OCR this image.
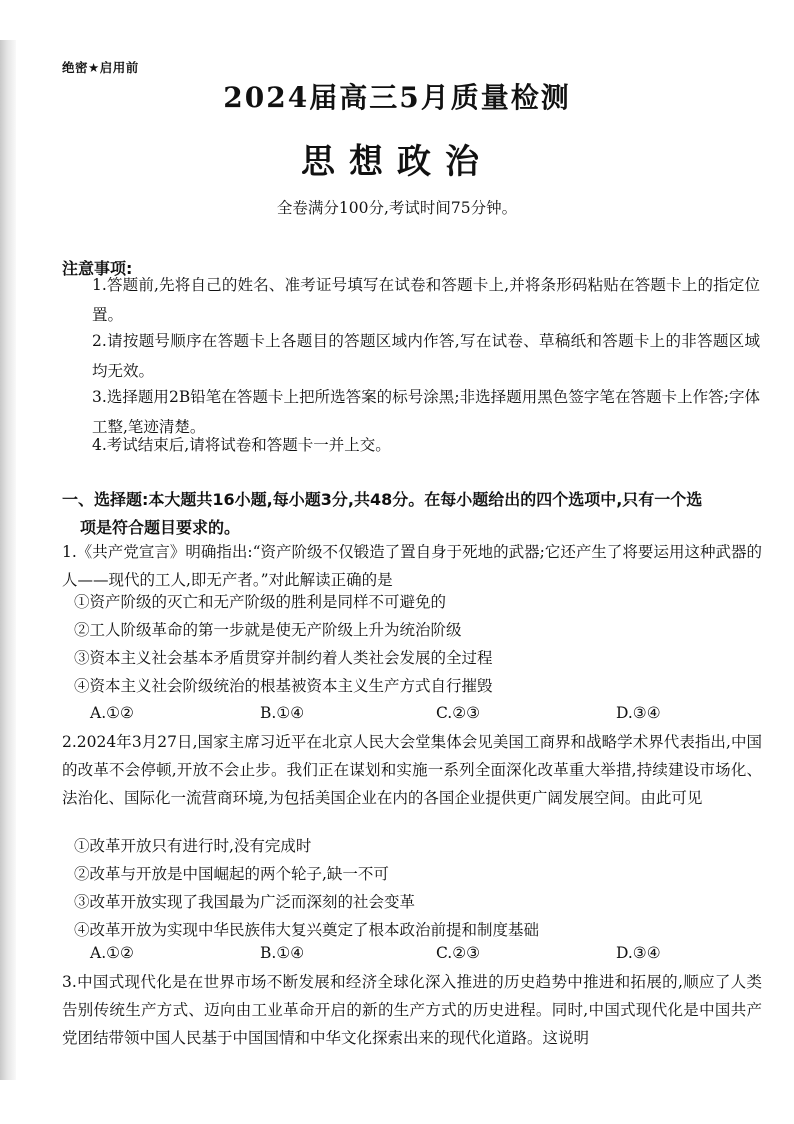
绝密★启用前
2024届高三5月质量检测
思想政治
全卷满分100分,考试时间75分钟。
注意事项:
1.答题前,先将自己的姓名、准考证号填写在试卷和答题卡上,并将条形码粘贴在答题卡上的指定位置。
2.请按题号顺序在答题卡上各题目的答题区域内作答,写在试卷、草稿纸和答题卡上的非答题区域均无效。
3.选择题用2B铅笔在答题卡上把所选答案的标号涂黑;非选择题用黑色签字笔在答题卡上作答;字体工整,笔迹清楚。
4.考试结束后,请将试卷和答题卡一并上交。
一、选择题:本大题共16小题,每小题3分,共48分。在每小题给出的四个选项中,只有一个选
项是符合题目要求的。
1.《共产党宣言》明确指出:“资产阶级不仅锻造了置自身于死地的武器;它还产生了将要运用这种武器的人——现代的工人,即无产者。”对此解读正确的是
①资产阶级的灭亡和无产阶级的胜利是同样不可避免的
②工人阶级革命的第一步就是使无产阶级上升为统治阶级
③资本主义社会基本矛盾贯穿并制约着人类社会发展的全过程
④资本主义社会阶级统治的根基被资本主义生产方式自行摧毁
A.①②	B.①④	C.②③	D.③④
2.2024年3月27日,国家主席习近平在北京人民大会堂集体会见美国工商界和战略学术界代表指出,中国的改革不会停顿,开放不会止步。我们正在谋划和实施一系列全面深化改革重大举措,持续建设市场化、法治化、国际化一流营商环境,为包括美国企业在内的各国企业提供更广阔发展空间。由此可见
①改革开放只有进行时,没有完成时
②改革与开放是中国崛起的两个轮子,缺一不可
③改革开放实现了我国最为广泛而深刻的社会变革
④改革开放为实现中华民族伟大复兴奠定了根本政治前提和制度基础
A.①②	B.①④	C.②③	D.③④
3.中国式现代化是在世界市场不断发展和经济全球化深入推进的历史趋势中推进和拓展的,顺应了人类告别传统生产方式、迈向由工业革命开启的新的生产方式的历史进程。同时,中国式现代化是中国共产党团结带领中国人民基于中国国情和中华文化探索出来的现代化道路。这说明
